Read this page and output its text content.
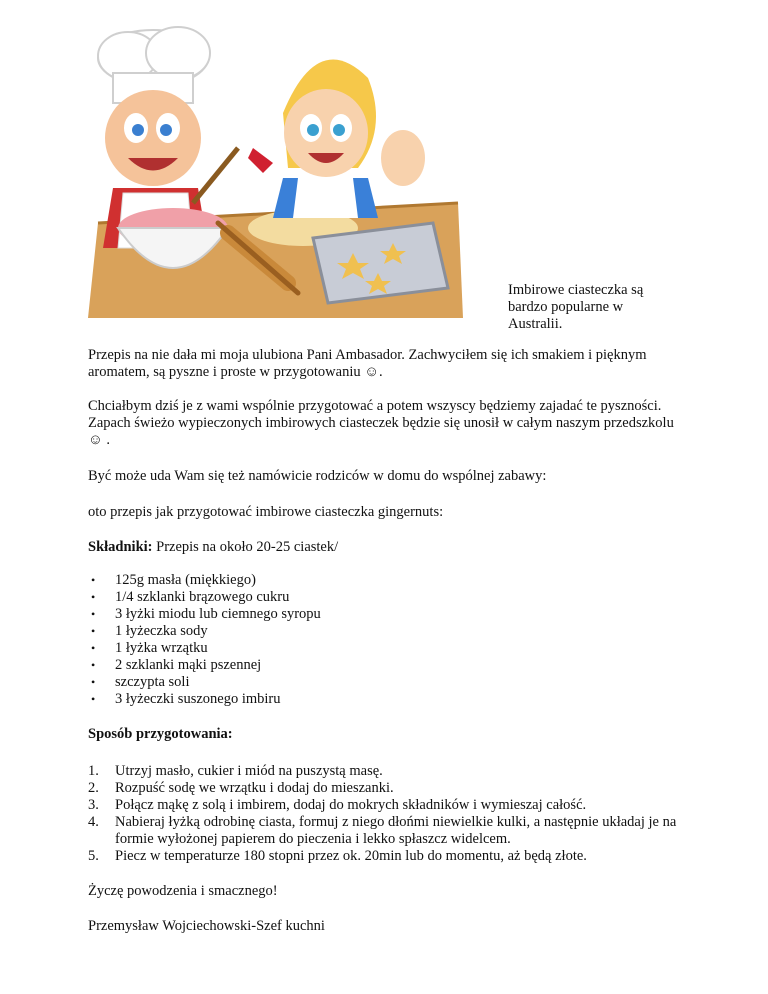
Imbirowe ciasteczka są bardzo popularne w Australii.

Przepis na nie dała mi moja ulubiona Pani Ambasador. Zachwyciłem się ich smakiem i pięknym aromatem, są pyszne i proste w przygotowaniu ☺.

Chciałbym dziś je z wami wspólnie przygotować a potem wszyscy będziemy zajadać te pyszności. Zapach świeżo wypieczonych imbirowych ciasteczek będzie się unosił w całym naszym przedszkolu ☺ .

Być może uda Wam się też namówicie rodziców w domu do wspólnej zabawy:

oto przepis jak przygotować imbirowe ciasteczka gingernuts:

Składniki: Przepis na około 20-25 ciastek/

• 125g masła (miękkiego)
• 1/4 szklanki brązowego cukru
• 3 łyżki miodu lub ciemnego syropu
• 1 łyżeczka sody
• 1 łyżka wrzątku
• 2 szklanki mąki pszennej
• szczypta soli
• 3 łyżeczki suszonego imbiru

Sposób przygotowania:

1. Utrzyj masło, cukier i miód na puszystą masę.
2. Rozpuść sodę we wrzątku i dodaj do mieszanki.
3. Połącz mąkę z solą i imbirem, dodaj do mokrych składników i wymieszaj całość.
4. Nabieraj łyżką odrobinę ciasta, formuj z niego dłońmi niewielkie kulki, a następnie układaj je na formie wyłożonej papierem do pieczenia i lekko spłaszcz widelcem.
5. Piecz w temperaturze 180 stopni przez ok. 20min lub do momentu, aż będą złote.

Życzę powodzenia i smacznego!

Przemysław Wojciechowski-Szef kuchni
